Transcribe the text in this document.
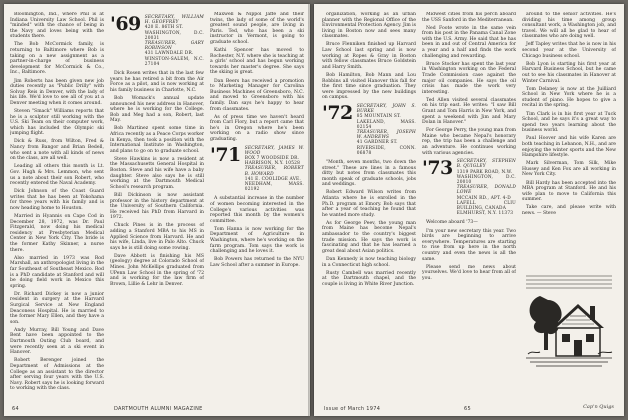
Bloomington, Ind., where Phil is at Indiana University Law School. Phil is "minded" with the chance of being in the Navy and loves being with the students there.

The Bob McCormick family, is returning to Baltimore where Bob is taking on a new assignment as a partner-in-charge of business development for McCormick & Co., Inc., Baltimore.

Jim Roberts has been given new job duties recently as "Public Drilly" with Solvay Reis in Denver, with the lady of his life. We'd love to see all of you at a Denver meeting when it comes around.

Steven "Smack" Williams reports that he is a sculptor still working with the U.S. Ski Team on their computer work, which has included the Olympic ski jumping flight.

Dick & Russ, from Wilton, Fred & Nancy from Bangor and Brian Bedell, who sent a note with all kinds of news on the class, are all well.

Leading all others this month is Lt. Gov. Hugh & Mrs. Lemmon, who sent us a note about their son Robert, who recently entered the Naval Academy.

Dick Johnson of the Coast Guard writes that he has been at Yokohama for three years with his family and is now heading home to Houston.

Married in Hyannis on Cape Cod in December 28, 1972, was Dr. Paul Fitzgerald, now doing his medical residency at Presbyterian Medical Center in New York City. The bride is the former Kathy Skinner, a nurse there.

Also married in 1973 was Rod Marshall, an anthropologist living in the far Southeast of Southeast Mexico. Rod is a PhD candidate at Stanford and will be doing field work in Mexico this spring.

Dr. Richard Dickey is now a junior resident in surgery at the Harvard Surgical Service at New England Deaconess Hospital. He is married to the former Mary Ellen, and they have a son.

Andy Murray, Bill Young and Dave Bent have been appointed to the Dartmouth Outing Club board, and were recently seen at a ski event in Hanover.

Robert Berenger joined the Department of Admissions at the College as an assistant to the director after serving four years with the U.S. Navy. Robert says he is looking forward to working with the class.

'69 SECRETARY, WILLIAM H. GEOFFREY
420 E. 86TH ST.
WASHINGTON, D.C. 20031
TREASURER, GARY ROBINSON
431 LAWNDALE DR.
WINSTON-SALEM, N.C. 27104

Dick Rosen writes that in the last few years he has retired a bit from the Air Force as a pilot, and is now working at his family business in Charlotte, N.C.

Bob Womack's annual update announced his new address in Hanover, where he is working for the College. Bob and Meg had a son, Robert, last May.

Bob Martinez spent some time in Africa recently as a Peace Corps worker in Kenya, then took a position with the International Institute in Washington, and plans to go on to graduate school.

Steve Hawkins is now a resident at the Massachusetts General Hospital in Boston. Steve and his wife have a baby daughter. Steve also says he is still working at the Dartmouth Medical School's research program.

Bill Dickinson is now assistant professor in the history department at the University of Southern California. He received his PhD from Harvard in 1972.

Chuck Pines is in the process of adding a Stanford MBA to his MS in Applied Science from Harvard. He and his wife, Linda, live in Palo Alto. Chuck says he is still doing some rowing.

Dave Abbott is finishing his MS (geology) degree at Colorado School of Mines. John McKellips graduated from UPenn Law School in the spring of '72 and is working for the law firm of Brown, Lillie & Lehr in Denver.

Maxwell & Nippol Jaffe and their twins, the lady of some of the world's greatest sound people, are living in Paris. Ted, who has been a ski instructor in Vermont, is going to graduate school.

Kathi Spencer has moved to Rochester, N.Y. where she is teaching at a girls' school and has begun working towards her master's degree. She says the skiing is great.

Dan Beers has received a promotion to Marketing Manager for Carolina Business Machines of Greensboro, N.C. and moved to Greensboro with his family. Dan says he's happy to hear from classmates.

As of press time we haven't heard from Carl Flory, but a report came that he's in Oregon where he's been working on a radio show since graduating.

'71 SECRETARY, JAMES W. WOOD
BOX 7 WOODSIDE DR.
HARRISON, N.Y. 10528
TREASURER, ROBERT B. HOWARD
141 E. COOLIDGE AVE.
NEEDHAM, MASS. 02192

A substantial increase in the number of women becoming interested in the College's various activities was reported this month by the women's committee.

Tom Hanna is now working for the Department of Agriculture in Washington, where he's working on the farm program. Tom says the work is challenging and he loves it.

Bob Powers has returned to the NYU Law School after a summer in Europe.

64	DARTMOUTH ALUMNI MAGAZINE

organization, working as an urban planner with the Regional Office of the Environmental Protection Agency. Jim is living in Boston now and sees many classmates.

Bruce Flenniken finished up Harvard Law School last spring and is now working at Ropes & Gray in Boston with fellow classmates Bruce Goldstein and Harry Smith.

Bob Hamilton, Bob Mann and Lou Robbins all visited Hanover this fall for the first time since graduation. They were impressed by the new buildings on campus.

'72 SECRETARY, JOHN S. BURKE
85 MOUNTAIN ST.
LAKELAND, MASS. 02154
TREASURER, JOSEPH W. ANDREWS
41 GARDNER ST.
RIVERSIDE, CONN. 06878

"Month, seven months, two down the street." These are lines in a famous ditty but notes from classmates this month speak of graduate schools, jobs and weddings.

Robert Edward Wilson writes from Atlanta where he is enrolled in the Ph.D. program at Emory. Bob says that after a year of teaching he found that he wanted more study.

As for George Peev, the young man from Maine has become Nepal's ambassador to the country's biggest trade mission. He says the work is fascinating and that he has learned a great deal about Asian politics.

Dan Kennedy is now teaching biology in a Connecticut high school.

Rusty Cambell was married recently at the Dartmouth chapel, and the couple is living in White River Junction.

Midwest cities from his perch aboard the USS Sanford in the Mediterranean.

Ned Foote wrote in the same vein from his post in the Panama Canal Zone with the U.S. Army. He said that he has been in and out of Central America for a year and a half and finds the work challenging and rewarding.

Bruce Stocker has spent the last year in Washington working on the Federal Trade Commission case against the major oil companies. He says the oil crisis has made the work very interesting.

Ted Allen visited several classmates on his trip east. He writes: "I saw Bill Grant and Tom Harris in New York, and spent a weekend with Jim and Mary Dolan in Hanover."

For George Perry, the young man from Maine who became Nepal's honorary rep, the trip has been a challenge and an adventure. He continues working with various agencies.

'73 SECRETARY, STEPHEN B. QUIGLEY
1319 PARK ROAD, N.W.
WASHINGTON, D.C. 20010
TREASURER, DONALD LOWE
MCCAIN RD., APT. 4-D
LAFELL CLIU BUILDING, CANADA
ELMHURST, N.Y. 11373

Welcome aboard '73—

I'm your new secretary this year. Two birds are beginning to arrive everywhere. Temperatures are starting to rise from up here in the north country and even the news is all the same.

Please send me news about yourselves. We'd love to hear from all of you.

around to the senior activities. He's dividing his time among group consultant work, a Washington job, and travel. We will all be glad to hear of classmates who are doing well.

Jeff Tapley writes that he is now in his second year at the University of Chicago business school.

Bob Lyon is starting his first year at Harvard Business School, but he came out to see his classmates in Hanover at Winter Carnival.

Tom Delaney is now at the Juilliard School in New York where he is a student of piano. He hopes to give a recital in the spring.

Tim Clark is in his first year at Tuck School, and he says it's a great way to spend two years learning about the business world.

Paul Hoover and his wife Karen are both teaching in Lebanon, N.H., and are enjoying the winter sports and the New Hampshire lifestyle.

Mark Silverman, Tom Silk, Mike Hussey and Ken Fox are all working in New York City.

Bill Hardy has been accepted into the MBA program at Stanford. He and his wife plan to move to California this summer.

Take care, and please write with news. — Steve

Cap'n Quigs
Issue of March 1974	65
